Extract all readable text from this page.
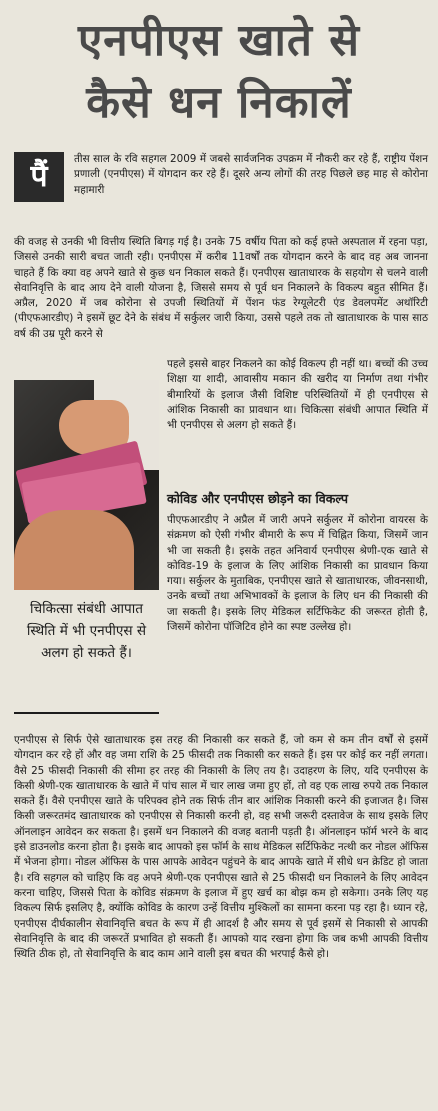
एनपीएस खाते से
कैसे धन निकालें
पैं	तीस साल के रवि सहगल 2009 में जबसे सार्वजनिक उपक्रम में नौकरी कर रहे हैं, राष्ट्रीय पेंशन प्रणाली (एनपीएस) में योगदान कर रहे हैं। दूसरे अन्य लोगों की तरह पिछले छह माह से कोरोना महामारी
की वजह से उनकी भी वित्तीय स्थिति बिगड़ गई है। उनके 75 वर्षीय पिता को कई हफ्ते अस्पताल में रहना पड़ा, जिससे उनकी सारी बचत जाती रही। एनपीएस में करीब 11वर्षों तक योगदान करने के बाद वह अब जानना चाहते हैं कि क्या वह अपने खाते से कुछ धन निकाल सकते हैं। एनपीएस खाताधारक के सहयोग से चलने वाली सेवानिवृत्ति के बाद आय देने वाली योजना है, जिससे समय से पूर्व धन निकालने के विकल्प बहुत सीमित हैं। अप्रैल, 2020 में जब कोरोना से उपजी स्थितियों में पेंशन फंड रेग्यूलेटरी एंड डेवलपमेंट अथॉरिटी (पीएफआरडीए) ने इसमें छूट देने के संबंध में सर्कुलर जारी किया, उससे पहले तक तो खाताधारक के पास साठ वर्ष की उम्र पूरी करने से
पहले इससे बाहर निकलने का कोई विकल्प ही नहीं था। बच्चों की उच्च शिक्षा या शादी, आवासीय मकान की खरीद या निर्माण तथा गंभीर बीमारियों के इलाज जैसी विशिष्ट परिस्थितियों में ही एनपीएस से आंशिक निकासी का प्रावधान था। चिकित्सा संबंधी आपात स्थिति में भी एनपीएस से अलग हो सकते हैं।
कोविड और एनपीएस छोड़ने का विकल्प
पीएफआरडीए ने अप्रैल में जारी अपने सर्कुलर में कोरोना वायरस के संक्रमण को ऐसी गंभीर बीमारी के रूप में चिह्नित किया, जिसमें जान भी जा सकती है। इसके तहत अनिवार्य एनपीएस श्रेणी-एक खाते से कोविड-19 के इलाज के लिए आंशिक निकासी का प्रावधान किया गया। सर्कुलर के मुताबिक, एनपीएस खाते से खाताधारक, जीवनसाथी, उनके बच्चों तथा अभिभावकों के इलाज के लिए धन की निकासी की जा सकती है। इसके लिए मेडिकल सर्टिफिकेट की जरूरत होती है, जिसमें कोरोना पॉजिटिव होने का स्पष्ट उल्लेख हो।
चिकित्सा संबंधी आपात स्थिति में भी एनपीएस से अलग हो सकते हैं।
एनपीएस से सिर्फ ऐसे खाताधारक इस तरह की निकासी कर सकते हैं, जो कम से कम तीन वर्षों से इसमें योगदान कर रहे हों और वह जमा राशि के 25 फीसदी तक निकासी कर सकते हैं। इस पर कोई कर नहीं लगता। वैसे 25 फीसदी निकासी की सीमा हर तरह की निकासी के लिए तय है। उदाहरण के लिए, यदि एनपीएस के किसी श्रेणी-एक खाताधारक के खाते में पांच साल में चार लाख जमा हुए हों, तो वह एक लाख रुपये तक निकाल सकते हैं। वैसे एनपीएस खाते के परिपक्व होने तक सिर्फ तीन बार आंशिक निकासी करने की इजाजत है। जिस किसी जरूरतमंद खाताधारक को एनपीएस से निकासी करनी हो, वह सभी जरूरी दस्तावेज के साथ इसके लिए ऑनलाइन आवेदन कर सकता है। इसमें धन निकालने की वजह बतानी पड़ती है। ऑनलाइन फॉर्म भरने के बाद इसे डाउनलोड करना होता है। इसके बाद आपको इस फॉर्म के साथ मेडिकल सर्टिफिकेट नत्थी कर नोडल ऑफिस में भेजना होगा। नोडल ऑफिस के पास आपके आवेदन पहुंचने के बाद आपके खाते में सीधे धन क्रेडिट हो जाता है। रवि सहगल को चाहिए कि वह अपने श्रेणी-एक एनपीएस खाते से 25 फीसदी धन निकालने के लिए आवेदन करना चाहिए, जिससे पिता के कोविड संक्रमण के इलाज में हुए खर्च का बोझ कम हो सकेगा। उनके लिए यह विकल्प सिर्फ इसलिए है, क्योंकि कोविड के कारण उन्हें वित्तीय मुश्किलों का सामना करना पड़ रहा है। ध्यान रहे, एनपीएस दीर्घकालीन सेवानिवृत्ति बचत के रूप में ही आदर्श है और समय से पूर्व इसमें से निकासी से आपकी सेवानिवृत्ति के बाद की जरूरतें प्रभावित हो सकती हैं। आपको याद रखना होगा कि जब कभी आपकी वित्तीय स्थिति ठीक हो, तो सेवानिवृत्ति के बाद काम आने वाली इस बचत की भरपाई कैसे हो।
